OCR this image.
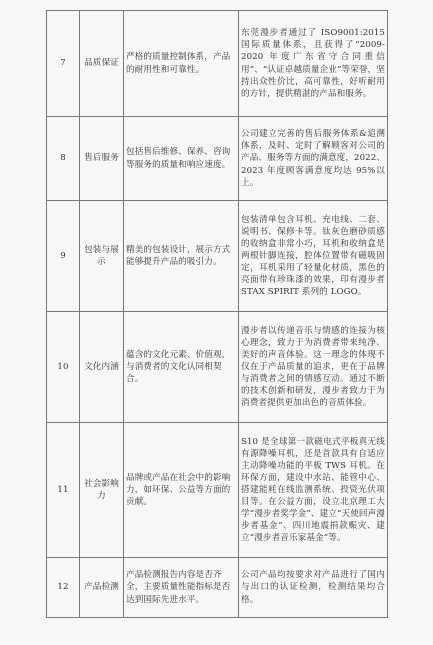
7	品质保证	严格的质量控制体系，产品的耐用性和可靠性。	东莞漫步者通过了 ISO9001:2015 国际质量体系，且获得了“2009-2020 年度广东省守合同重信用”、“认证卓越质量企业”等荣誉，坚持出众性价比，高可靠性，好听耐用的方针，提供精湛的产品和服务。
8	售后服务	包括售后维修、保养、咨询等服务的质量和响应速度。	公司建立完善的售后服务体系&追溯体系，及时、定时了解顾客对公司的产品、服务等方面的满意度，2022、2023 年度顾客满意度均达 95%以上。
9	包装与展示	精美的包装设计，展示方式能够提升产品的吸引力。	包装清单包含耳机、充电线、二套、说明书、保修卡等。钛灰色磨砂质感的收纳盒非常小巧，耳机和收纳盒是两根针脚连接，腔体位置带有磁吸固定，耳机采用了轻量化材质，黑色的亮面带有珍珠漆的效果，印有漫步者 STAX SPIRIT 系列的 LOGO。
10	文化内涵	蕴含的文化元素、价值观，与消费者的文化认同相契合。	漫步者以传递音乐与情感的连接为核心理念，致力于为消费者带来纯净、美好的声音体验。这一理念的体现不仅在于产品质量的追求，更在于品牌与消费者之间的情感互动。通过不断的技术创新和研发，漫步者致力于为消费者提供更加出色的音质体验。
11	社会影响力	品牌或产品在社会中的影响力，如环保、公益等方面的贡献。	S10 是全球第一款磁电式平板真无线有源降噪耳机，还是首款具有自适应主动降噪功能的平板 TWS 耳机。在环保方面，建设中水站、能管中心、搭建能耗在线监测系统、投资光伏项目等。在公益方面，设立北京理工大学“漫步者奖学金”、建立“天使回声漫步者基金”、四川地震捐款赈灾、建立“漫步者音乐家基金”等。
12	产品检测	产品检测报告内容是否齐全，主要质量性能指标是否达到国际先进水平。	公司产品均按要求对产品进行了国内与出口的认证检测，检测结果均合格。
